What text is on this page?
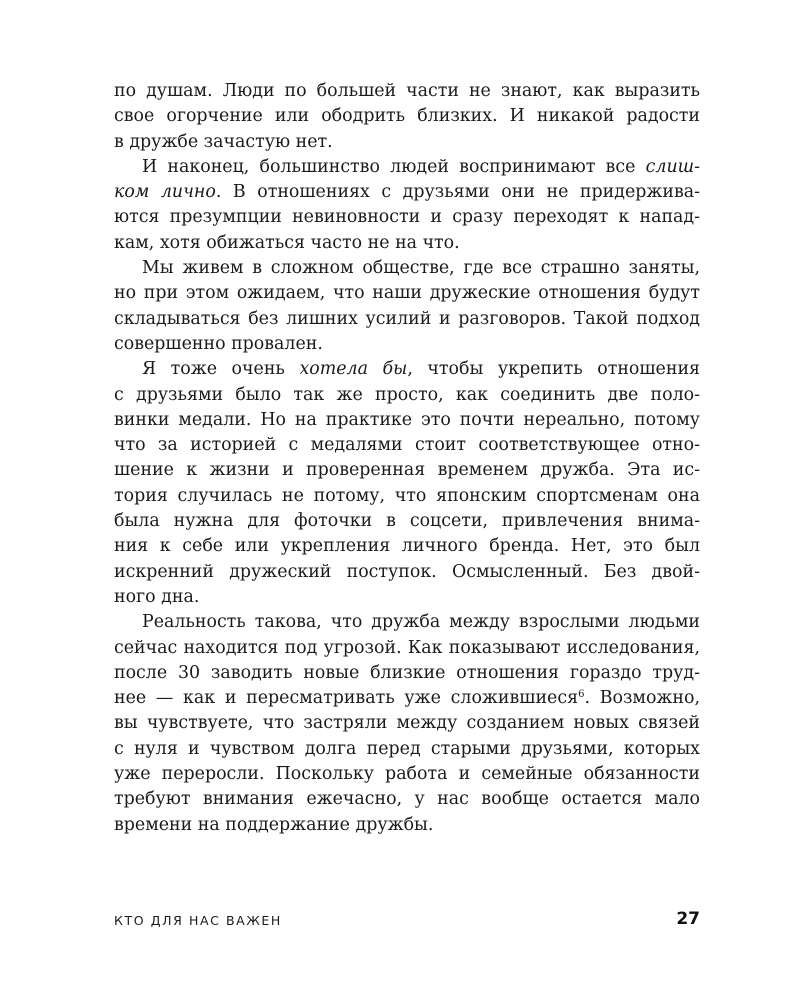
по душам. Люди по большей части не знают, как выразить
свое огорчение или ободрить близких. И никакой радости
в дружбе зачастую нет.
И наконец, большинство людей воспринимают все слиш-
ком лично. В отношениях с друзьями они не придержива-
ются презумпции невиновности и сразу переходят к напад-
кам, хотя обижаться часто не на что.
Мы живем в сложном обществе, где все страшно заняты,
но при этом ожидаем, что наши дружеские отношения будут
складываться без лишних усилий и разговоров. Такой подход
совершенно провален.
Я тоже очень хотела бы, чтобы укрепить отношения
с друзьями было так же просто, как соединить две поло-
винки медали. Но на практике это почти нереально, потому
что за историей с медалями стоит соответствующее отно-
шение к жизни и проверенная временем дружба. Эта ис-
тория случилась не потому, что японским спортсменам она
была нужна для фоточки в соцсети, привлечения внима-
ния к себе или укрепления личного бренда. Нет, это был
искренний дружеский поступок. Осмысленный. Без двой-
ного дна.
Реальность такова, что дружба между взрослыми людьми
сейчас находится под угрозой. Как показывают исследования,
после 30 заводить новые близкие отношения гораздо труд-
нее — как и пересматривать уже сложившиеся$^6$. Возможно,
вы чувствуете, что застряли между созданием новых связей
с нуля и чувством долга перед старыми друзьями, которых
уже переросли. Поскольку работа и семейные обязанности
требуют внимания ежечасно, у нас вообще остается мало
времени на поддержание дружбы.
КТО ДЛЯ НАС ВАЖЕН	27
